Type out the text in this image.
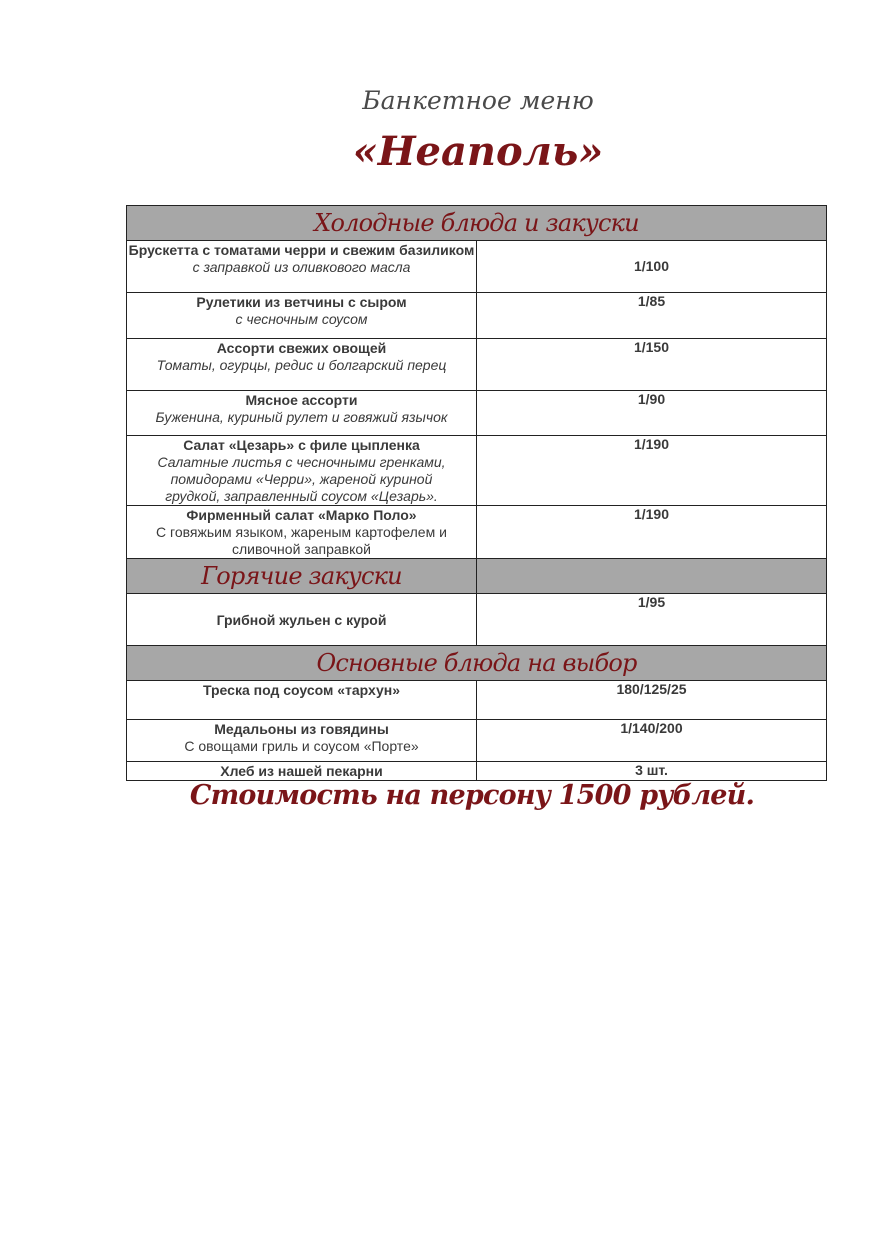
Банкетное меню
«Неаполь»
Холодные блюда и закуски	

Брускетта с томатами черри и свежим базиликом
с заправкой из оливкового масла	1/100

Рулетики из ветчины с сыром
с чесночным соусом	1/85

Ассорти свежих овощей
Томаты, огурцы, редис и болгарский перец	1/150

Мясное ассорти
Буженина, куриный рулет и говяжий язычок	1/90

Салат «Цезарь» с филе цыпленка
Салатные листья с чесночными гренками, помидорами «Черри», жареной куриной грудкой, заправленный соусом «Цезарь».	1/190

Фирменный салат «Марко Поло»
С говяжьим языком, жареным картофелем и сливочной заправкой	1/190
Горячие закуски	

Грибной жульен с курой	1/95
Основные блюда на выбор	

Треска под соусом «тархун»	180/125/25

Медальоны из говядины
С овощами гриль и соусом «Порте»	1/140/200

Хлеб из нашей пекарни	3 шт.
Стоимость на персону 1500 рублей.
